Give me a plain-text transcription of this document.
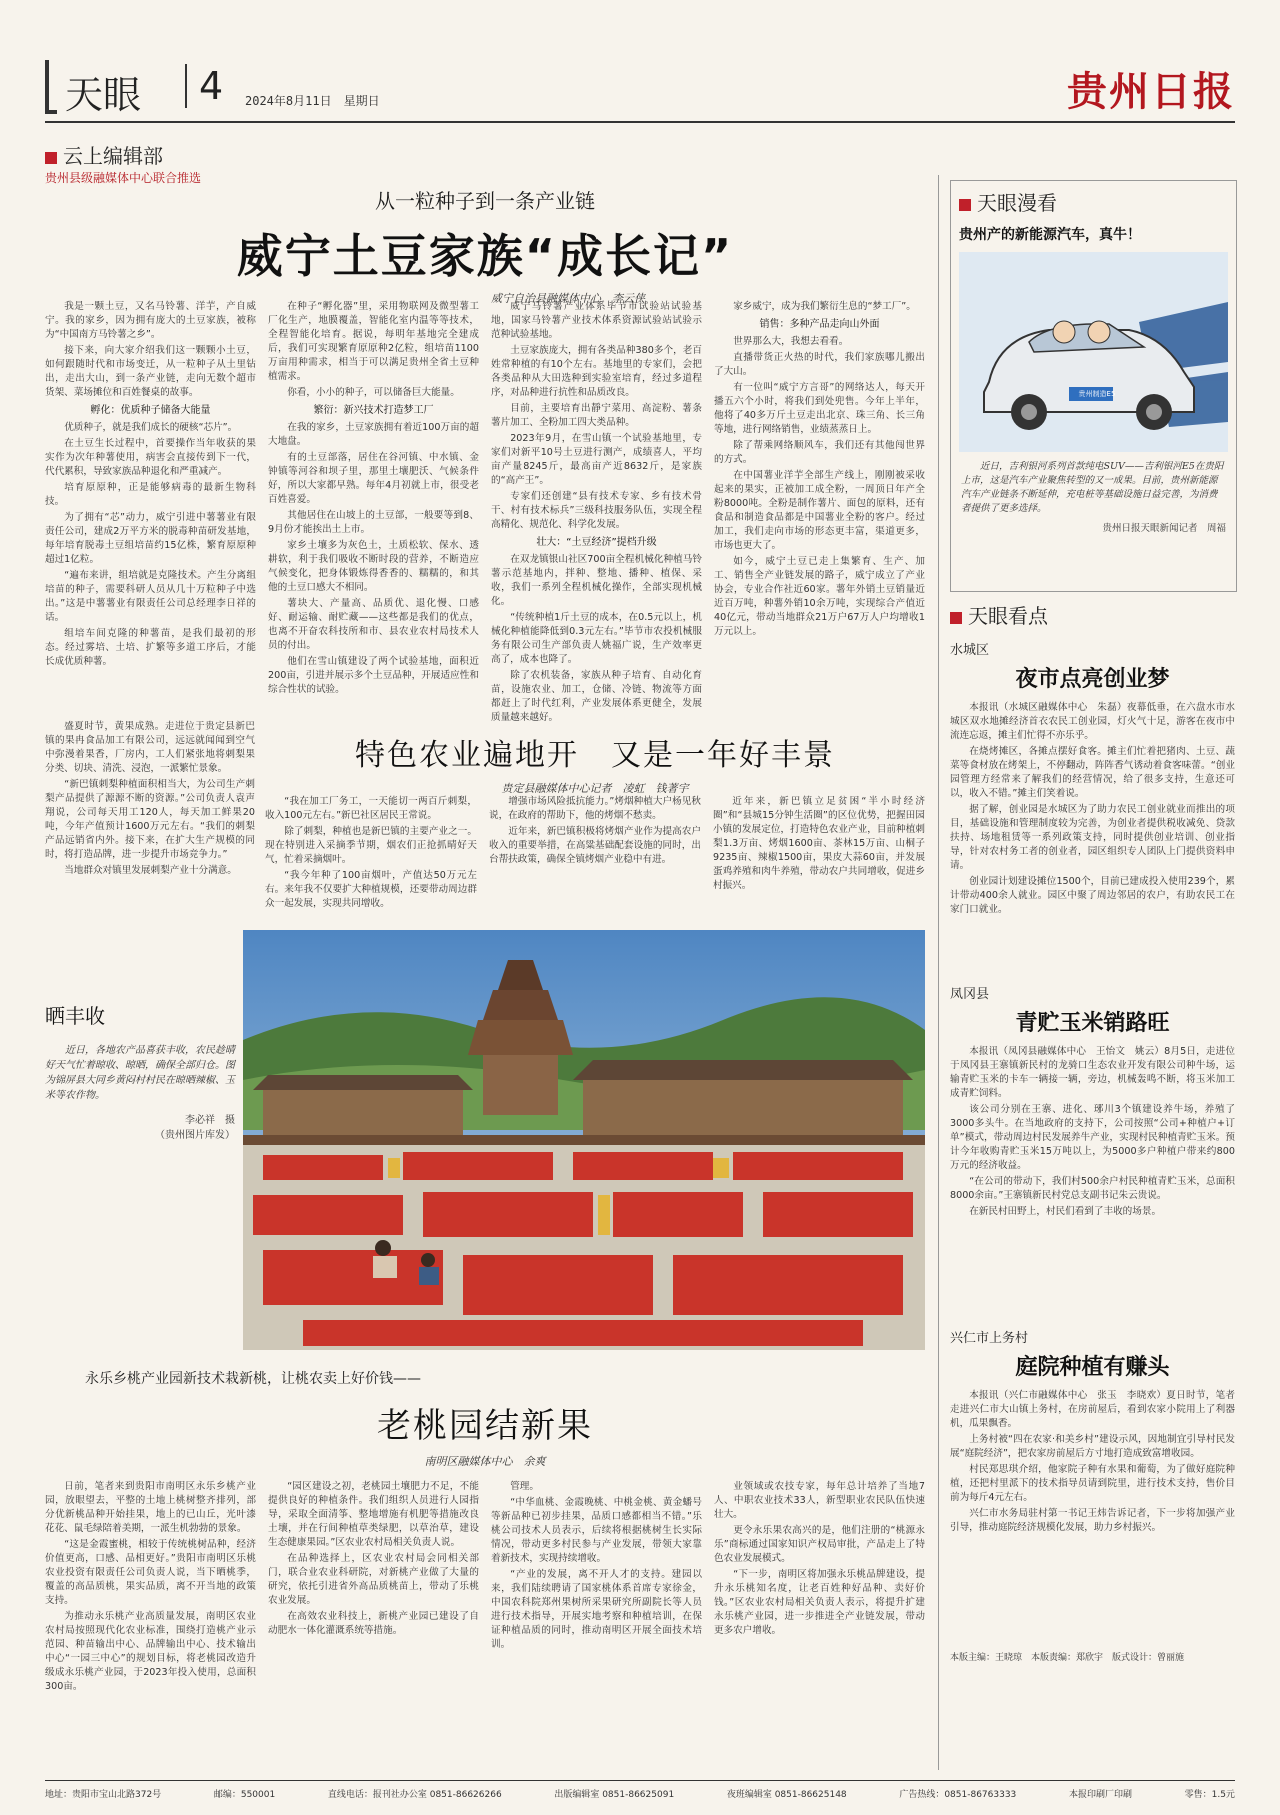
天眼	4 2024年8月11日　星期日	贵州日报
云上编辑部
贵州县级融媒体中心联合推选
从一粒种子到一条产业链
威宁土豆家族“成长记”
威宁自治县融媒体中心　李云侠

我是一颗土豆，又名马铃薯、洋芋，产自威宁。我的家乡，因为拥有庞大的土豆家族，被称为“中国南方马铃薯之乡”。

接下来，向大家介绍我们这一颗颗小土豆，如何跟随时代和市场变迁，从一粒种子从土里钻出，走出大山，到一条产业链，走向无数个超市货架、菜场摊位和百姓餐桌的故事。

孵化：优质种子储备大能量

优质种子，就是我们成长的硬核“芯片”。

在土豆生长过程中，首要操作当年收获的果实作为次年种薯使用，病害会直接传到下一代，代代累积，导致家族品种退化和严重减产。

培育原原种，正是能够病毒的最新生物科技。

为了拥有“芯”动力，威宁引进中薯薯业有限责任公司，建成2万平方米的脱毒种苗研发基地，每年培育脱毒土豆组培苗约15亿株，繁育原原种超过1亿粒。

“遍布来讲，组培就是克隆技术。产生分离组培苗的种子，需要科研人员从几十万粒种子中选出。”这是中薯薯业有限责任公司总经理李日祥的话。

组培车间克隆的种薯苗，是我们最初的形态。经过雾培、土培、扩繁等多道工序后，才能长成优质种薯。

在种子“孵化器”里，采用物联网及微型薯工厂化生产，地膜覆盖，智能化室内温等等技术，全程智能化培育。据说，每明年基地完全建成后，我们可实现繁育原原种2亿粒，组培苗1100万亩用种需求，相当于可以满足贵州全省土豆种植需求。

你看，小小的种子，可以储备巨大能量。

繁衍：新兴技术打造梦工厂

在我的家乡，土豆家族拥有着近100万亩的超大地盘。

有的土豆部落，居住在谷河镇、中水镇、金钟镇等河谷和坝子里，那里土壤肥沃、气候条件好，所以大家都早熟。每年4月初就上市，很受老百姓喜爱。

其他居住在山坡上的土豆部，一般要等到8、9月份才能挨出土上市。

家乡土壤多为灰色土，土质松软、保水、透耕软，利于我们吸收不断时段的营养，不断造应气候变化，把身体锻炼得香香的、糯糯的，和其他的土豆口感大不相同。

薯块大、产量高、品质优、退化慢、口感好、耐运输、耐贮藏——这些都是我们的优点，也离不开奋农科技所和市、县农业农村局技术人员的付出。

他们在雪山镇建设了两个试验基地，面积近200亩，引进并展示多个土豆品种，开展适应性和综合性状的试验。

威宁马铃薯产业体系毕节市试验站试验基地，国家马铃薯产业技术体系资源试验站试验示范种试验基地。

土豆家族庞大，拥有各类品种380多个，老百姓常种植的有10个左右。基地里的专家们，会把各类品种从大田选种到实验室培育，经过多道程序，对品种进行抗性和品质改良。

目前，主要培育出靜宁菜用、高淀粉、薯条薯片加工、全粉加工四大类品种。

2023年9月，在雪山镇一个试验基地里，专家们对新平10号土豆进行测产，成绩喜人，平均亩产量8245斤，最高亩产近8632斤，是家族的“高产王”。

专家们还创建“县有技术专家、乡有技术骨干、村有技术标兵”三级科技服务队伍，实现全程高精化、规范化、科学化发展。

壮大：“土豆经济”提档升级

在双龙镇银山社区700亩全程机械化种植马铃薯示范基地内，拌种、整地、播种、植保、采收，我们一系列全程机械化操作，全部实现机械化。

“传统种植1斤土豆的成本，在0.5元以上，机械化种植能降低到0.3元左右。”毕节市农投机械服务有限公司生产部负责人姚福广说，生产效率更高了，成本也降了。

除了农机装备，家族从种子培育、自动化育苗，设施农业、加工，仓储、冷链、物流等方面都赶上了时代红利，产业发展体系更健全，发展质量越来越好。

家乡威宁，成为我们繁衍生息的“梦工厂”。

销售：多种产品走向山外面

世界那么大，我想去看看。

直播带货正火热的时代，我们家族哪儿搬出了大山。

有一位叫“威宁方言哥”的网络达人，每天开播五六个小时，将我们到处兜售。今年上半年，他将了40多万斤土豆走出北京、珠三角、长三角等地，进行网络销售，业绩蒸蒸日上。

除了帮乘网络顺风车，我们还有其他闯世界的方式。

在中国薯业洋芋全部生产线上，刚刚被采收起来的果实，正被加工成全粉，一周顶日年产全粉8000吨。全粉是制作薯片、面包的原料，还有食品和制造食品都是中国薯业全粉的客户。经过加工，我们走向市场的形态更丰富，渠道更多，市场也更大了。

如今，威宁土豆已走上集繁育、生产、加工、销售全产业链发展的路子，威宁成立了产业协会，专业合作社近60家。薯年外销土豆销量近近百万吨，种薯外销10余万吨，实现综合产值近40亿元，带动当地群众21万户67万人户均增收1万元以上。

盛夏时节，黄果成熟。走进位于贵定县新巴镇的果冉食品加工有限公司，远远就闻闻到空气中弥漫着果香，厂房内，工人们紧张地将刺梨果分类、切块、清洗、浸泡，一派繁忙景象。

“新巴镇刺梨种植面积相当大，为公司生产刺梨产品提供了源源不断的资源。”公司负责人袁声翔说，公司每天用工120人，每天加工鲜果20吨，今年产值预计1600万元左右。“我们的刺梨产品远销省内外。接下来，在扩大生产规模的同时，将打造品牌，进一步提升市场竞争力。”

当地群众对镇里发展刺梨产业十分满意。

特色农业遍地开　又是一年好丰景
贵定县融媒体中心记者　凌虹　钱著宇

“我在加工厂务工，一天能切一两百斤刺梨，收入100元左右。”新巴社区居民王常说。

除了刺梨，种植也是新巴镇的主要产业之一。现在特别进入采摘季节期，烟农们正抢抓晴好天气，忙着采摘烟叶。

“我今年种了100亩烟叶，产值达50万元左右。来年我不仅要扩大种植规模，还要带动周边群众一起发展，实现共同增收。

增强市场风险抵抗能力。”烤烟种植大户杨见秋说，在政府的帮助下，他的烤烟不愁卖。

近年来，新巴镇积极将烤烟产业作为提高农户收入的重要举措，在高粱基础配套设施的同时，出台帮扶政策，确保全镇烤烟产业稳中有进。

近年来，新巴镇立足贫困“半小时经济圈”和“县城15分钟生活圈”的区位优势，把握田园小镇的发展定位，打造特色农业产业，目前种植刺梨1.3万亩、烤烟1600亩、茶林15万亩、山桐子9235亩、辣椒1500亩，果皮大蒜60亩，并发展蛋鸡养殖和肉牛养殖，带动农户共同增收，促进乡村振兴。

晒丰收
近日，各地农产品喜获丰收，农民趁晴好天气忙着晾收、晾晒，确保全部归仓。图为锦屏县大同乡黄闷村村民在晾晒辣椒、玉米等农作物。
李必祥　摄
（贵州图片库发）
永乐乡桃产业园新技术栽新桃，让桃农卖上好价钱——
老桃园结新果
南明区融媒体中心　余爽

日前，笔者来到贵阳市南明区永乐乡桃产业园，放眼望去，平整的土地上桃树整齐排列，部分优新桃品种开始挂果，地上的已山丘，光叶漆花花、鼠毛绿陪着美期，一派生机勃勃的景象。

“这是金霞蜜桃，相较于传统桃树品种，经济价值更高，口感、品相更好。”贵阳市南明区乐桃农业投资有限责任公司负责人说，当下晒桃季，覆盖的高品质桃，果实品质，离不开当地的政策支持。

为推动永乐桃产业高质量发展，南明区农业农村局按照现代化农业标准，围绕打造桃产业示范园、种苗输出中心、品牌输出中心、技术输出中心“一园三中心”的规划目标，将老桃园改造升级成永乐桃产业园，于2023年投入使用，总面积300亩。

“园区建设之初，老桃园土壤肥力不足，不能提供良好的种植条件。我们组织人员进行人园指导，采取全面清筝、整地增施有机肥等措施改良土壤，并在行间种植草类绿肥，以草治草，建设生态健康果园。”区农业农村局相关负责人说。

在品种选择上，区农业农村局会同相关部门，联合业农业科研院，对新桃产业做了大量的研究，依托引进省外高品质桃苗上，带动了乐桃农业发展。

在高效农业科技上，新桃产业园已建设了自动肥水一体化灌溉系统等措施。

管理。

“中华血桃、金霞晚桃、中桃金桃、黄金蟠号等新品种已初步挂果，品质口感都相当不错。”乐桃公司技术人员表示，后续将根据桃树生长实际情况，带动更多村民参与产业发展，带领大家靠着新技术，实现持续增收。

“产业的发展，离不开人才的支持。建园以来，我们陆续聘请了国家桃体系首席专家徐金，中国农科院郑州果树所采果研究所副院长等人员进行技术指导，开展实地考察和种植培训，在保证种植品质的同时，推动南明区开展全面技术培训。

业领域或农技专家，每年总计培养了当地7人、中职农业技术33人，新型职业农民队伍快速壮大。

更令永乐果农高兴的是，他们注册的“桃源永乐”商标通过国家知识产权局审批，产品走上了特色农业发展模式。

“下一步，南明区将加强永乐桃品牌建设，提升永乐桃知名度，让老百姓种好品种、卖好价钱。”区农业农村局相关负责人表示，将提升扩建永乐桃产业园，进一步推进全产业链发展，带动更多农户增收。

天眼漫看
贵州产的新能源汽车，真牛！
贵州制造E5
近日，吉利银河系列首款纯电SUV——吉利银河E5在贵阳上市，这是汽车产业聚焦转型的又一成果。目前，贵州新能源汽车产业链条不断延伸，充电桩等基础设施日益完善，为消费者提供了更多选择。
贵州日报天眼新闻记者　周福
天眼看点
水城区
夜市点亮创业梦

本报讯（水城区融媒体中心　朱磊）夜幕低垂，在六盘水市水城区双水地摊经济首衣农民工创业园，灯火气十足，游客在夜市中流连忘返，摊主们忙得不亦乐乎。

在烧烤摊区，各摊点摆好食客。摊主们忙着把猪肉、土豆、蔬菜等食材放在烤架上，不停翻动，阵阵香气诱动着食客味蕾。“创业园管理方经常来了解我们的经营情况，给了很多支持，生意还可以，收入不错。”摊主们笑着说。

据了解，创业园是水城区为了助力农民工创业就业而推出的项目，基础设施和管理制度较为完善，为创业者提供税收减免、贷款扶持、场地租赁等一系列政策支持，同时提供创业培训、创业指导，针对农村务工者的创业者，园区组织专人团队上门提供资料申请。

创业园计划建设摊位1500个，目前已建成投入使用239个，累计带动400余人就业。园区中聚了周边邻居的农户，有助农民工在家门口就业。

凤冈县
青贮玉米销路旺

本报讯（凤冈县融媒体中心　王怡文　姚云）8月5日，走进位于凤冈县王寨镇新民村的龙骑口生态农业开发有限公司种牛场，运输青贮玉米的卡车一辆接一辆，旁边，机械轰鸣不断，将玉米加工成青贮饲料。

该公司分别在王寨、进化、琊川3个镇建设养牛场，养殖了3000多头牛。在当地政府的支持下，公司按照“公司+种植户+订单”模式，带动周边村民发展养牛产业，实现村民种植青贮玉米。预计今年收购青贮玉米15万吨以上，为5000多户种植户带来约800万元的经济收益。

“在公司的带动下，我们村500余户村民种植青贮玉米，总面积8000余亩。”王寨镇新民村党总支副书记朱云贵说。

在新民村田野上，村民们看到了丰收的场景。

兴仁市上务村
庭院种植有赚头

本报讯（兴仁市融媒体中心　张玉　李晓欢）夏日时节，笔者走进兴仁市大山镇上务村，在房前屋后，看到农家小院用上了利器机，瓜果飘香。

上务村被“四在农家·和美乡村”建设示风，因地制宜引导村民发展“庭院经济”，把农家房前屋后方寸地打造成致富增收园。

村民郑思琪介绍，他家院子种有水果和葡萄，为了做好庭院种植，还把村里派下的技术指导员请到院里，进行技术支持，售价目前为每斤4元左右。

兴仁市水务局驻村第一书记王炜告诉记者，下一步将加强产业引导，推动庭院经济规模化发展，助力乡村振兴。

本版主编：王晓琼　本版责编：郑欣宇　版式设计：曾丽施
地址：贵阳市宝山北路372号	邮编：550001	直线电话：报刊社办公室 0851-86626266	出版编辑室 0851-86625091	夜班编辑室 0851-86625148	广告热线：0851-86763333	本报印刷厂印刷	零售：1.5元
